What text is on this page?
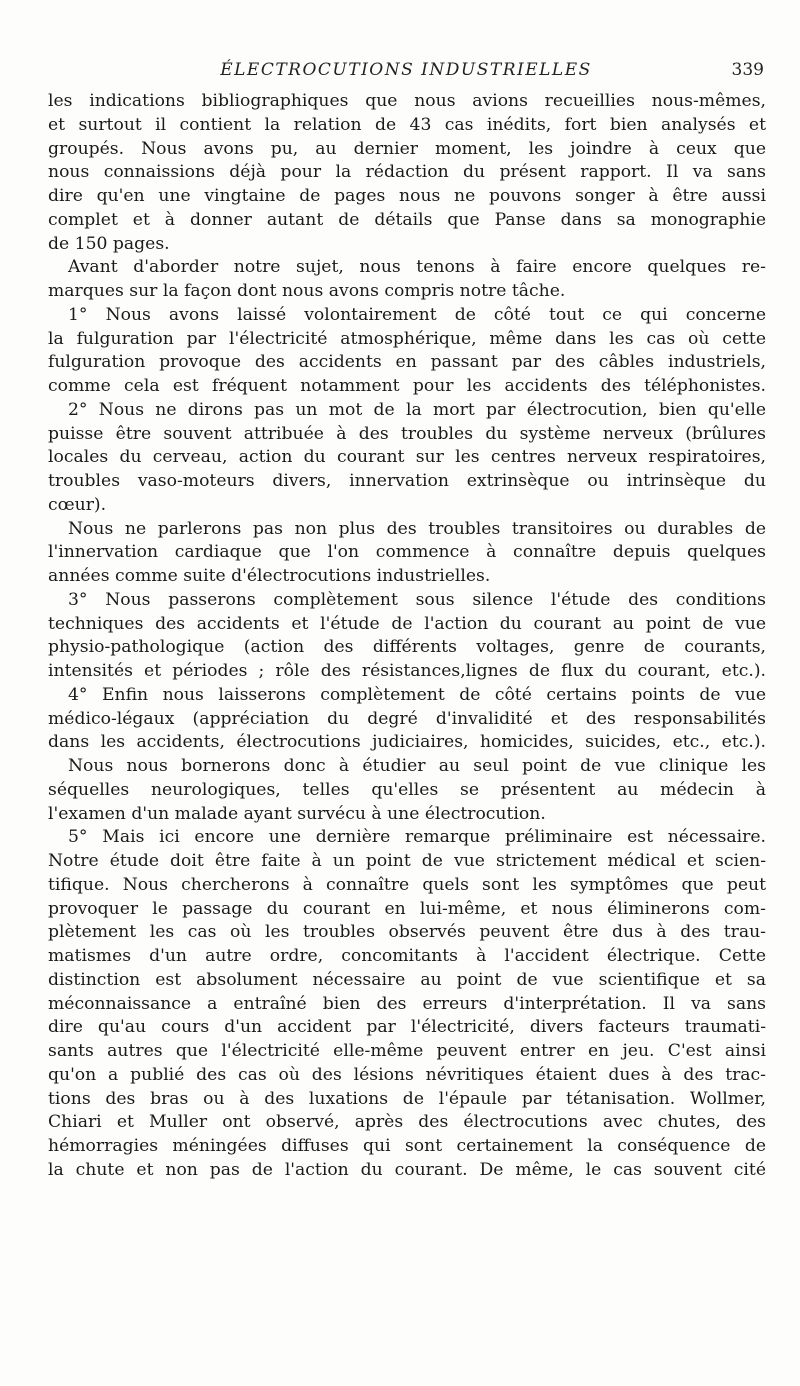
ÉLECTROCUTIONS INDUSTRIELLES	339
les indications bibliographiques que nous avions recueillies nous-mêmes,
et surtout il contient la relation de 43 cas inédits, fort bien analysés et
groupés. Nous avons pu, au dernier moment, les joindre à ceux que
nous connaissions déjà pour la rédaction du présent rapport. Il va sans
dire qu'en une vingtaine de pages nous ne pouvons songer à être aussi
complet et à donner autant de détails que Panse dans sa monographie
de 150 pages.
Avant d'aborder notre sujet, nous tenons à faire encore quelques re-
marques sur la façon dont nous avons compris notre tâche.
1° Nous avons laissé volontairement de côté tout ce qui concerne
la fulguration par l'électricité atmosphérique, même dans les cas où cette
fulguration provoque des accidents en passant par des câbles industriels,
comme cela est fréquent notamment pour les accidents des téléphonistes.
2° Nous ne dirons pas un mot de la mort par électrocution, bien qu'elle
puisse être souvent attribuée à des troubles du système nerveux (brûlures
locales du cerveau, action du courant sur les centres nerveux respiratoires,
troubles vaso-moteurs divers, innervation extrinsèque ou intrinsèque du
cœur).
Nous ne parlerons pas non plus des troubles transitoires ou durables de
l'innervation cardiaque que l'on commence à connaître depuis quelques
années comme suite d'électrocutions industrielles.
3° Nous passerons complètement sous silence l'étude des conditions
techniques des accidents et l'étude de l'action du courant au point de vue
physio-pathologique (action des différents voltages, genre de courants,
intensités et périodes ; rôle des résistances,lignes de flux du courant, etc.).
4° Enfin nous laisserons complètement de côté certains points de vue
médico-légaux (appréciation du degré d'invalidité et des responsabilités
dans les accidents, électrocutions judiciaires, homicides, suicides, etc., etc.).
Nous nous bornerons donc à étudier au seul point de vue clinique les
séquelles neurologiques, telles qu'elles se présentent au médecin à
l'examen d'un malade ayant survécu à une électrocution.
5° Mais ici encore une dernière remarque préliminaire est nécessaire.
Notre étude doit être faite à un point de vue strictement médical et scien-
tifique. Nous chercherons à connaître quels sont les symptômes que peut
provoquer le passage du courant en lui-même, et nous éliminerons com-
plètement les cas où les troubles observés peuvent être dus à des trau-
matismes d'un autre ordre, concomitants à l'accident électrique. Cette
distinction est absolument nécessaire au point de vue scientifique et sa
méconnaissance a entraîné bien des erreurs d'interprétation. Il va sans
dire qu'au cours d'un accident par l'électricité, divers facteurs traumati-
sants autres que l'électricité elle-même peuvent entrer en jeu. C'est ainsi
qu'on a publié des cas où des lésions névritiques étaient dues à des trac-
tions des bras ou à des luxations de l'épaule par tétanisation. Wollmer,
Chiari et Muller ont observé, après des électrocutions avec chutes, des
hémorragies méningées diffuses qui sont certainement la conséquence de
la chute et non pas de l'action du courant. De même, le cas souvent cité
